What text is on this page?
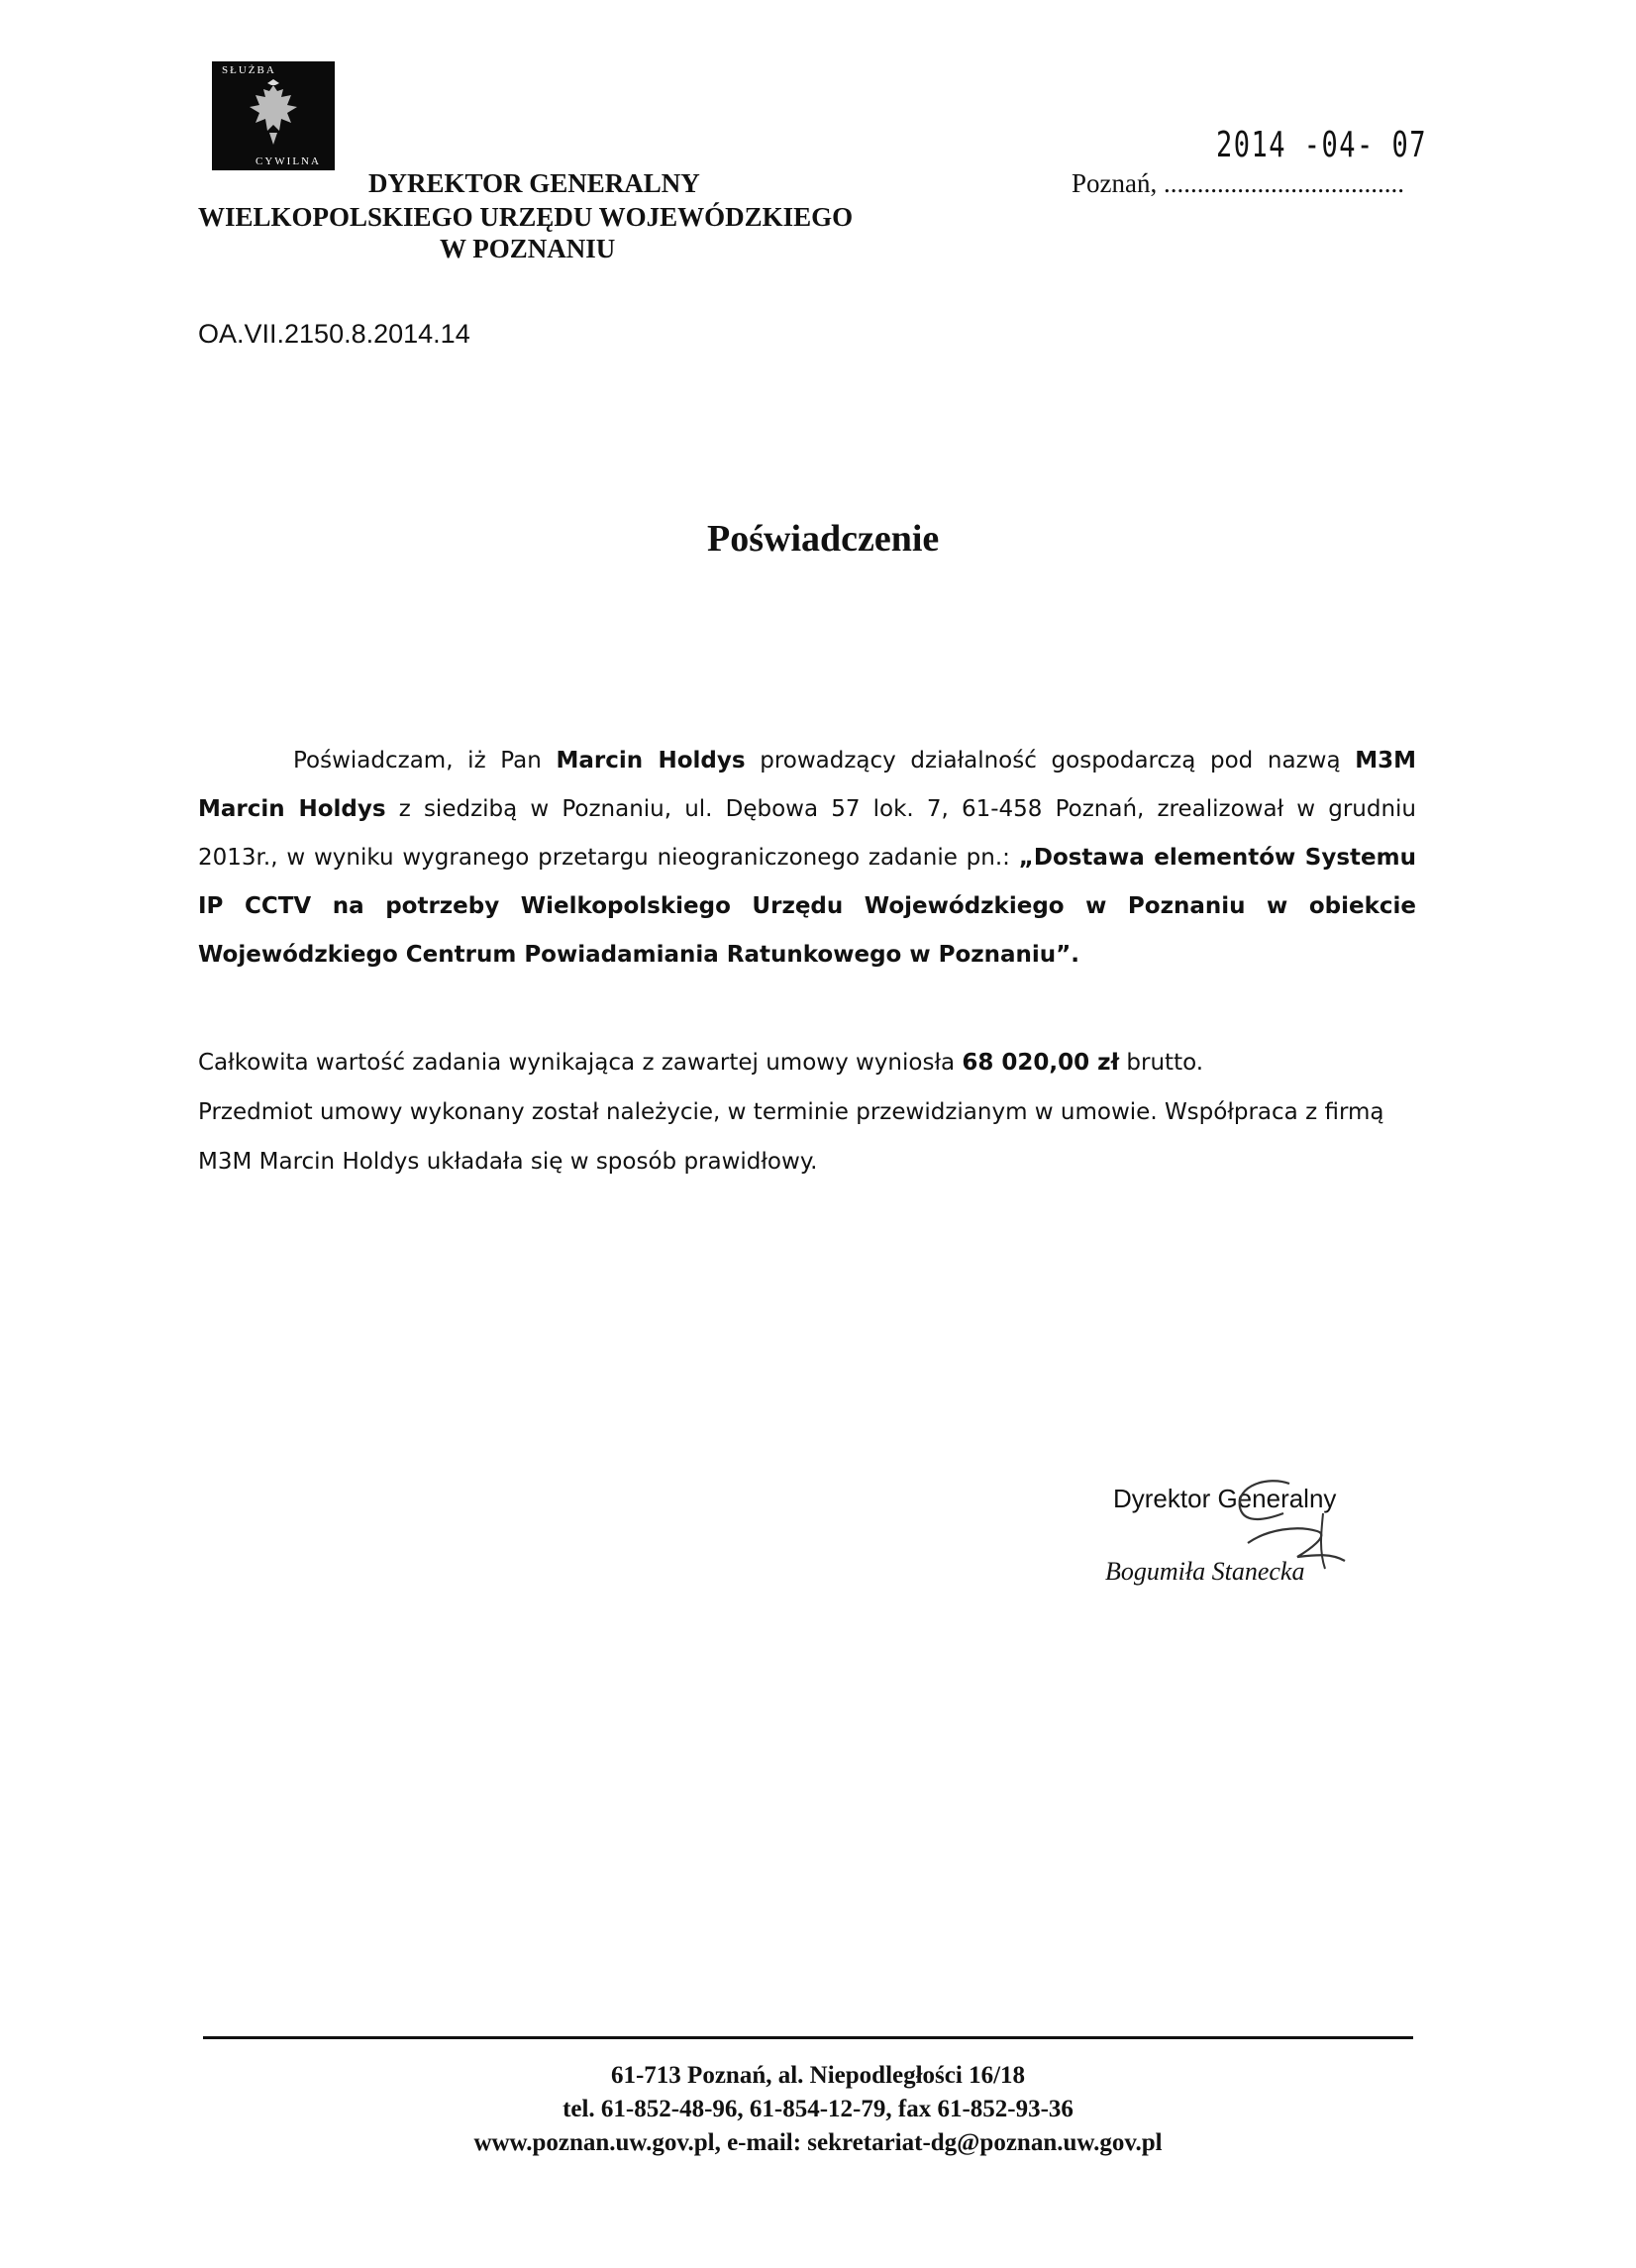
SŁUŻBA
CYWILNA
DYREKTOR GENERALNY
WIELKOPOLSKIEGO URZĘDU WOJEWÓDZKIEGO
W POZNANIU
2014 -04- 07
Poznań, ....................................
OA.VII.2150.8.2014.14
Poświadczenie
Poświadczam, iż Pan Marcin Holdys prowadzący działalność gospodarczą pod nazwą M3M Marcin Holdys z siedzibą w Poznaniu, ul. Dębowa 57 lok. 7, 61-458 Poznań, zrealizował w grudniu 2013r., w wyniku wygranego przetargu nieograniczonego zadanie pn.: „Dostawa elementów Systemu IP CCTV na potrzeby Wielkopolskiego Urzędu Wojewódzkiego w Poznaniu w obiekcie Wojewódzkiego Centrum Powiadamiania Ratunkowego w Poznaniu”.
Całkowita wartość zadania wynikająca z zawartej umowy wyniosła 68 020,00 zł brutto.
Przedmiot umowy wykonany został należycie, w terminie przewidzianym w umowie. Współpraca z firmą
M3M Marcin Holdys układała się w sposób prawidłowy.
Dyrektor Generalny
Bogumiła Stanecka
61-713 Poznań, al. Niepodległości 16/18
tel. 61-852-48-96, 61-854-12-79, fax 61-852-93-36
www.poznan.uw.gov.pl, e-mail: sekretariat-dg@poznan.uw.gov.pl
